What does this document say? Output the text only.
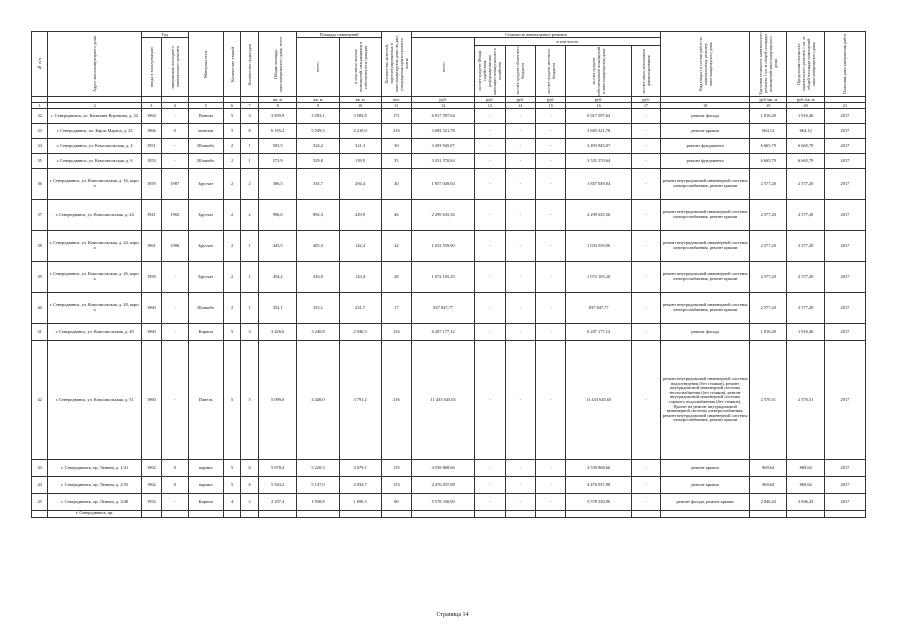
№ п/п	Адрес многоквартирного дома	Год		Материал стен	Количество этажей	Количество подъездов	Общая площадь многоквартирного дома, всего	Площадь помещений		Количество жителей, зарегистрированных в многоквартирном доме на дату утверждения краткосрочного плана	Стоимость капитального ремонта						Вид (виды) и состав работ по капитальному ремонту многоквартирного дома	Удельная стоимость капитального ремонта 1 кв. м общей площади помещений многоквартирного дома	Предельная стоимость капитального ремонта 1 кв. м общей площади помещений многоквартирного дома	Плановая дата завершения работ

		ввода в эксплуатацию	завершения последнего капитального ремонта					всего	в том числе жилых помещений, находящихся в собственности граждан		всего	в том числе:								

												за счет средств Фонда содействия реформированию жилищно-коммунального хозяйства	за счет средств областного бюджета	за счет средств местного бюджета	за счет средств собственников помещений в многоквартирном доме	за счет иных источников финансирования				

							кв. м	кв. м	кв. м	чел.	руб.	руб.	руб.	руб.	руб.	руб.		руб./кв. м	руб./кв. м	
1	2	3	4	5	6	7	8	9	10	11	12	13	14	15	16	17	18	19	20	21
32	г. Северодвинск, ул. Капитана Воронина, д. 22	1964	-	Панелы	5	4	3 859,9	3 583,1	3 583,8	171	6 917 597,64	-	-	-	6 917 597,64	-	ремонт фасада	1 916,40	1 916,40	2017
33	г. Северодвинск, пл. Карла Маркса, д. 23	1966	0	панельн	5	8	6 165,2	5 549,3	4 210,0	216	3 683 321,78	-	-	-	3 683 321,78	-	ремонт крыши	664,12	664,12	2017
34	г. Северодвинск, ул. Комсомольская, д. 4	1951	-	Шлакобл	2	1	583,5	524,2	321,3	30	3 493 945,07	-	-	-	3 493 945,07	-	ремонт фундамента	6 665,79	6 665,79	2017
35	г. Северодвинск, ул. Комсомольская, д. 6	1953	-	Шлакобл	2	1	573,9	529,8	139,9	35	3 531 570,64	-	-	-	3 531 570,64	-	ремонт фундамента	6 665,79	6 665,79	2017
36	г. Северодвинск, ул. Комсомольская, д. 16, корп. а	1959	1987	Брусчат	2	2	386,5	335,7	294,4	40	1 857 049,04	-	-	-	1 857 049,04	-	ремонт внутридомовой инженерной системы электроснабжения, ремонт крыши	2 577,20	2 577,20	2017
37	г. Северодвинск, ул. Комсомольская, д. 24	1941	1982	Брусчат	2	2	996,0	892,3	229,9	46	2 299 635,56	-	-	-	2 299 635,56	-	ремонт внутридомовой инженерной системы электроснабжения, ремонт крыши	2 577,20	2 577,20	2017
38	г. Северодвинск, ул. Комсомольская, д. 24, корп. а	1961	1986	Брусчат	2	1	443,5	405,3	142,4	24	1 033 559,90	-	-	-	1 033 559,90	-	ремонт внутридомовой инженерной системы электроснабжения, ремонт крыши	2 577,20	2 577,20	2017
39	г. Северодвинск, ул. Комсомольская, д. 26, корп. а	1959	-	Брусчат	2	1	454,2	416,0	143,4	28	1 072 105,20	-	-	-	1 072 105,20	-	ремонт внутридомовой инженерной системы электроснабжения, ремонт крыши	2 577,20	2 577,20	2017
40	г. Северодвинск, ул. Комсомольская, д. 28, корп. а	1960	-	Шлакобл	2	1	352,1	325,1	231,7	17	837 847,77	-	-	-	837 847,77	-	ремонт внутридомовой инженерной системы электроснабжения, ремонт крыши	2 577,20	2 577,20	2017
41	г. Северодвинск, ул. Комсомольская, д. 49	1960	-	Кирпич	5	4	3 426,6	3 240,8	2 940,3	154	6 207 177,12	-	-	-	6 207 177,12	-	ремонт фасада	1 916,40	1 916,40	2017
42	г. Северодвинск, ул. Комсомольская, д. 51	1960	-	Панель	5	5	5 089,0	4 448,0	3 791,2	216	11 433 645,65	-	-	-	11 433 645,65	-	ремонт внутридомовой инженерной системы водоотведения (без стояков), ремонт внутридомовой инженерной системы теплоснабжения (без стояков), ремонт внутридомовой инженерной системы горячего водоснабжения (без стояков), Проект на ремонт внутридомовой инженерной системы электроснабжения, ремонт внутридомовой инженерной системы электроснабжения, ремонт крыши	2 570,51	2 570,51	2017
43	г. Северодвинск, пр. Ленина, д. 1/31	1962	0	кирпич	5	6	5 878,4	5 220,3	3 679,1	119	4 539 868,66	-	-	-	4 539 868,66	-	ремонт крыши	869,64	869,64	2017
44	г. Северодвинск, пр. Ленина, д. 2/35	1962	0	кирпич	5	6	5 943,2	5 147,0	4 034,7	153	4 476 037,08	-	-	-	4 476 037,08	-	ремонт крыши	869,64	869,64	2017
45	г. Северодвинск, пр. Ленина, д. 3/40	1954	-	Кирпич	4	2	2 107,4	1 938,8	1 690,3	60	5 578 330,90	-	-	-	5 578 330,90	-	ремонт фасада, ремонт крыши	2 846,43	2 846,43	2017
	г. Северодвинск, пр.																			
Страница 14
